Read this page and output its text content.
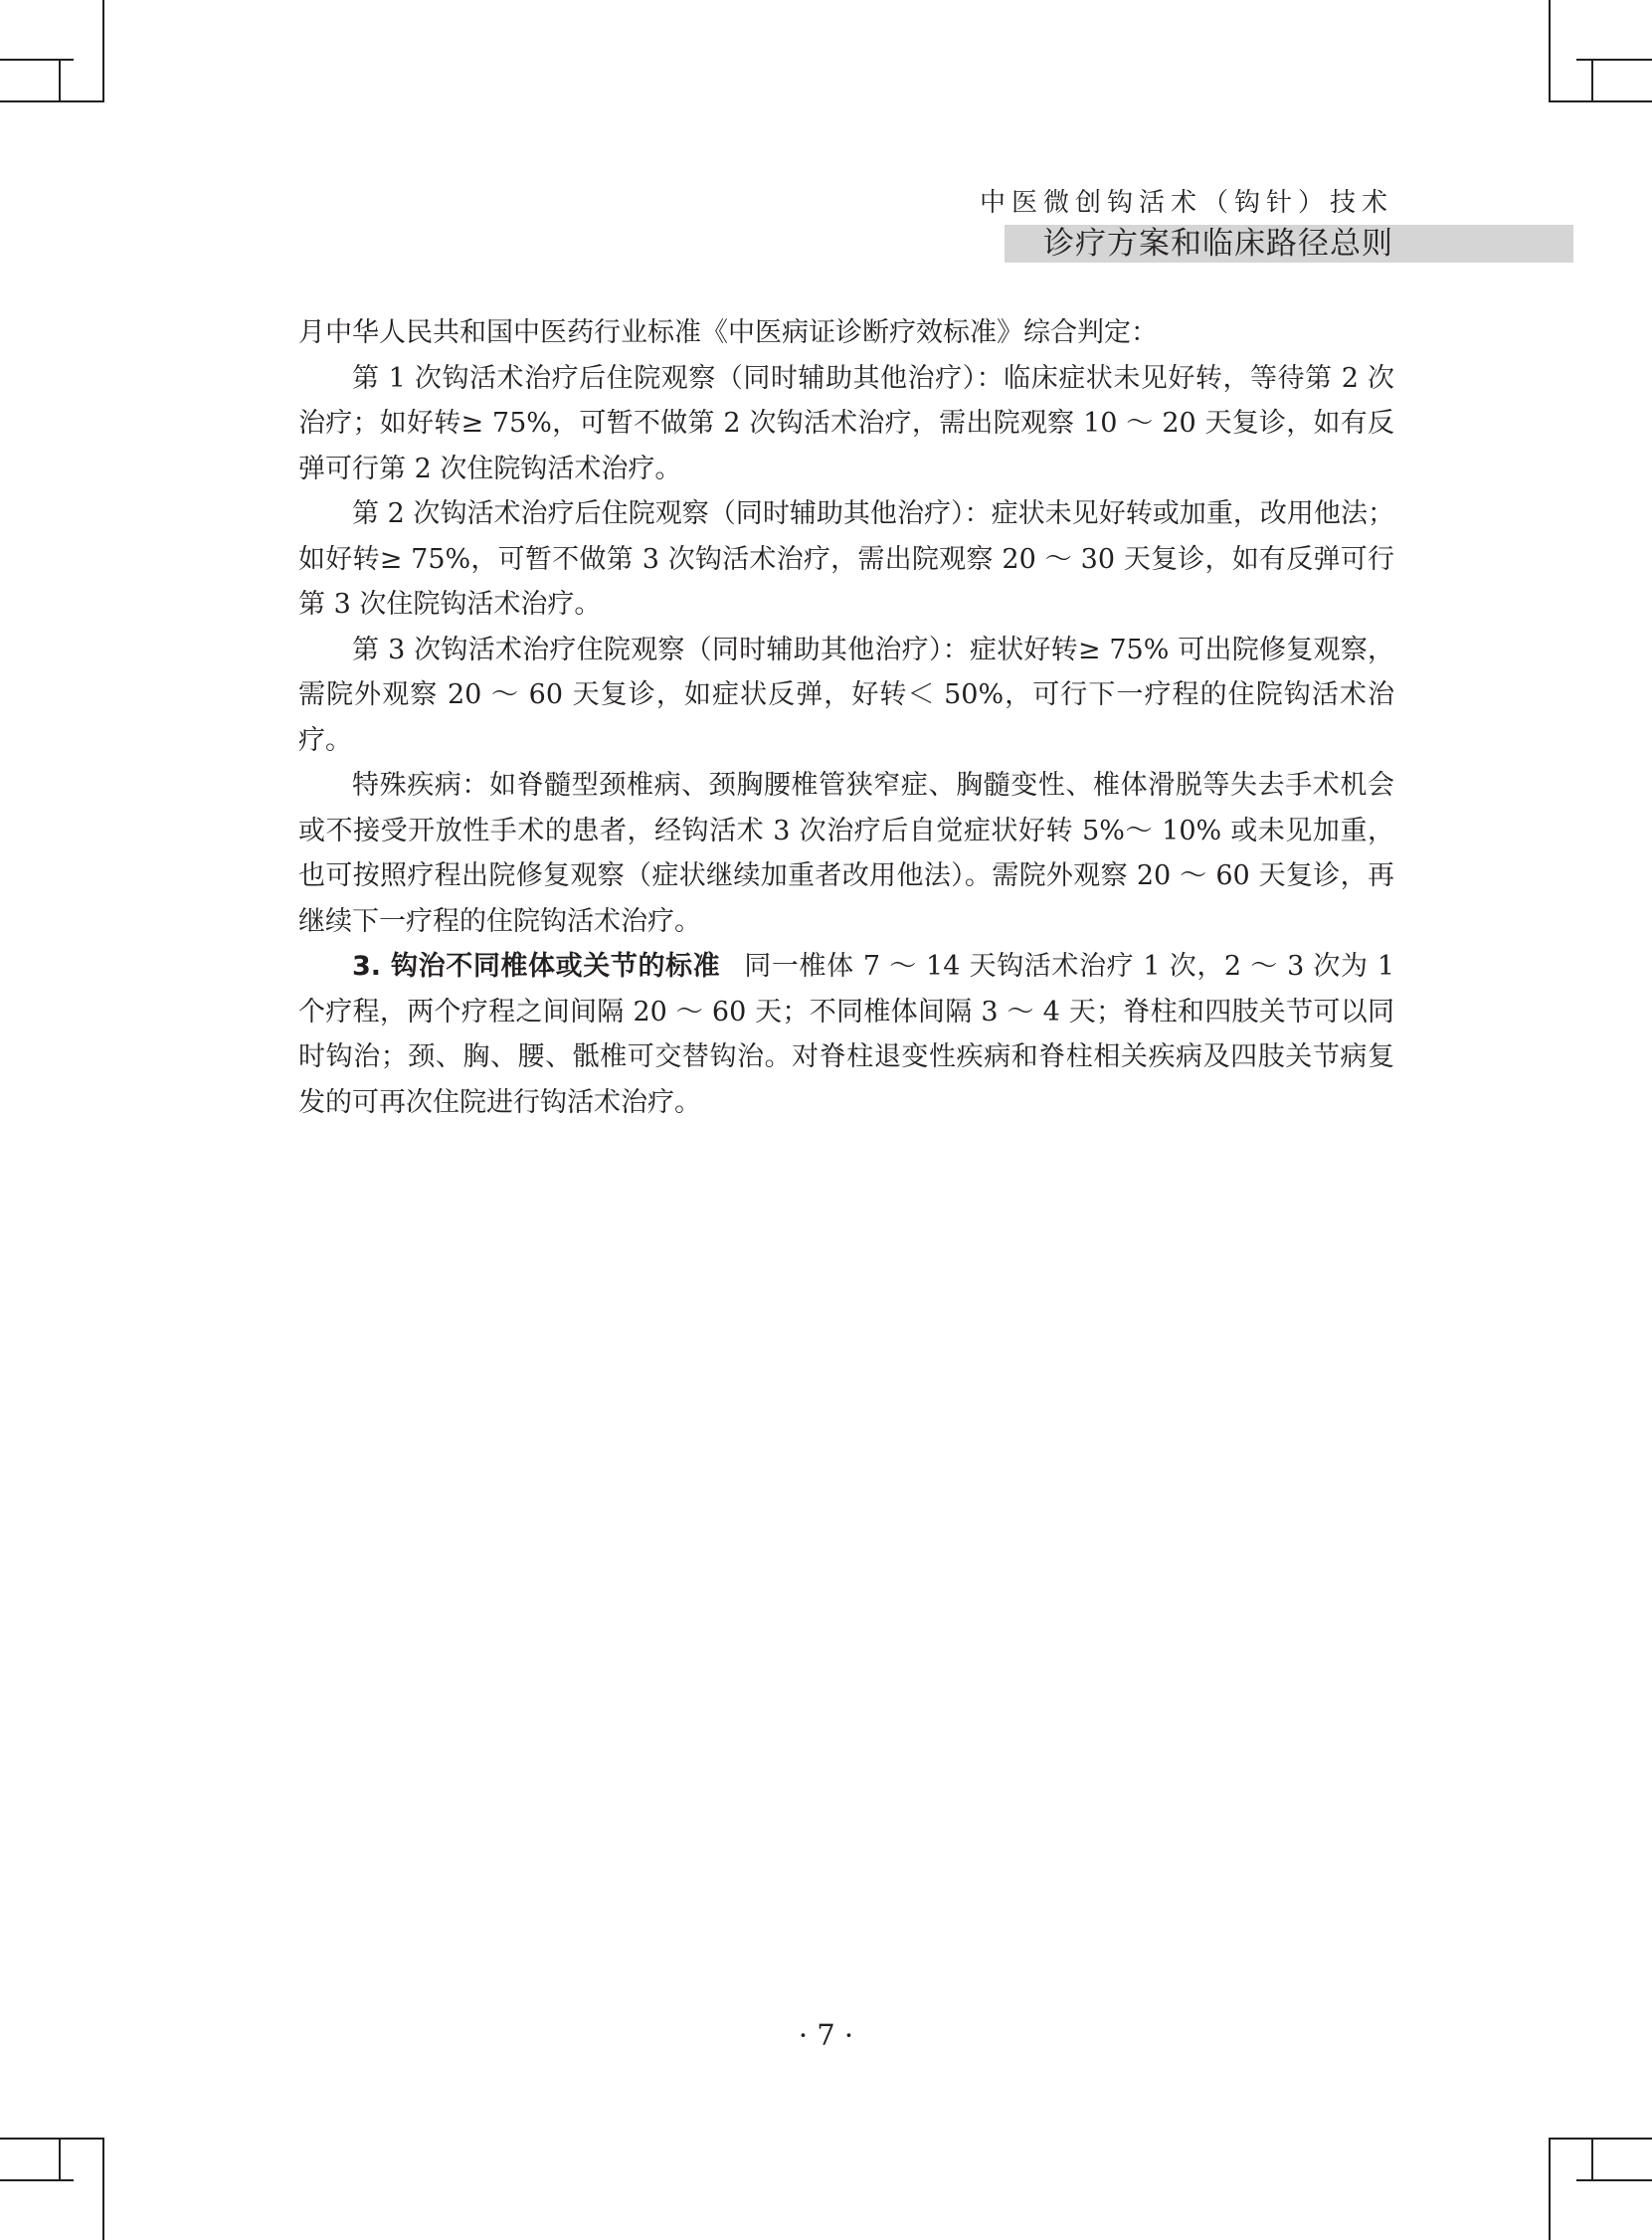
中医微创钩活术（钩针）技术
诊疗方案和临床路径总则

月中华人民共和国中医药行业标准《中医病证诊断疗效标准》综合判定：

第 1 次钩活术治疗后住院观察（同时辅助其他治疗）：临床症状未见好转，等待第 2 次治疗；如好转≥ 75%，可暂不做第 2 次钩活术治疗，需出院观察 10 ～ 20 天复诊，如有反弹可行第 2 次住院钩活术治疗。

第 2 次钩活术治疗后住院观察（同时辅助其他治疗）：症状未见好转或加重，改用他法；如好转≥ 75%，可暂不做第 3 次钩活术治疗，需出院观察 20 ～ 30 天复诊，如有反弹可行第 3 次住院钩活术治疗。

第 3 次钩活术治疗住院观察（同时辅助其他治疗）：症状好转≥ 75% 可出院修复观察，需院外观察 20 ～ 60 天复诊，如症状反弹，好转＜ 50%，可行下一疗程的住院钩活术治疗。

特殊疾病：如脊髓型颈椎病、颈胸腰椎管狭窄症、胸髓变性、椎体滑脱等失去手术机会或不接受开放性手术的患者，经钩活术 3 次治疗后自觉症状好转 5%～ 10% 或未见加重，也可按照疗程出院修复观察（症状继续加重者改用他法）。需院外观察 20 ～ 60 天复诊，再继续下一疗程的住院钩活术治疗。

3. 钩治不同椎体或关节的标准 同一椎体 7 ～ 14 天钩活术治疗 1 次，2 ～ 3 次为 1 个疗程，两个疗程之间间隔 20 ～ 60 天；不同椎体间隔 3 ～ 4 天；脊柱和四肢关节可以同时钩治；颈、胸、腰、骶椎可交替钩治。对脊柱退变性疾病和脊柱相关疾病及四肢关节病复发的可再次住院进行钩活术治疗。

· 7 ·
